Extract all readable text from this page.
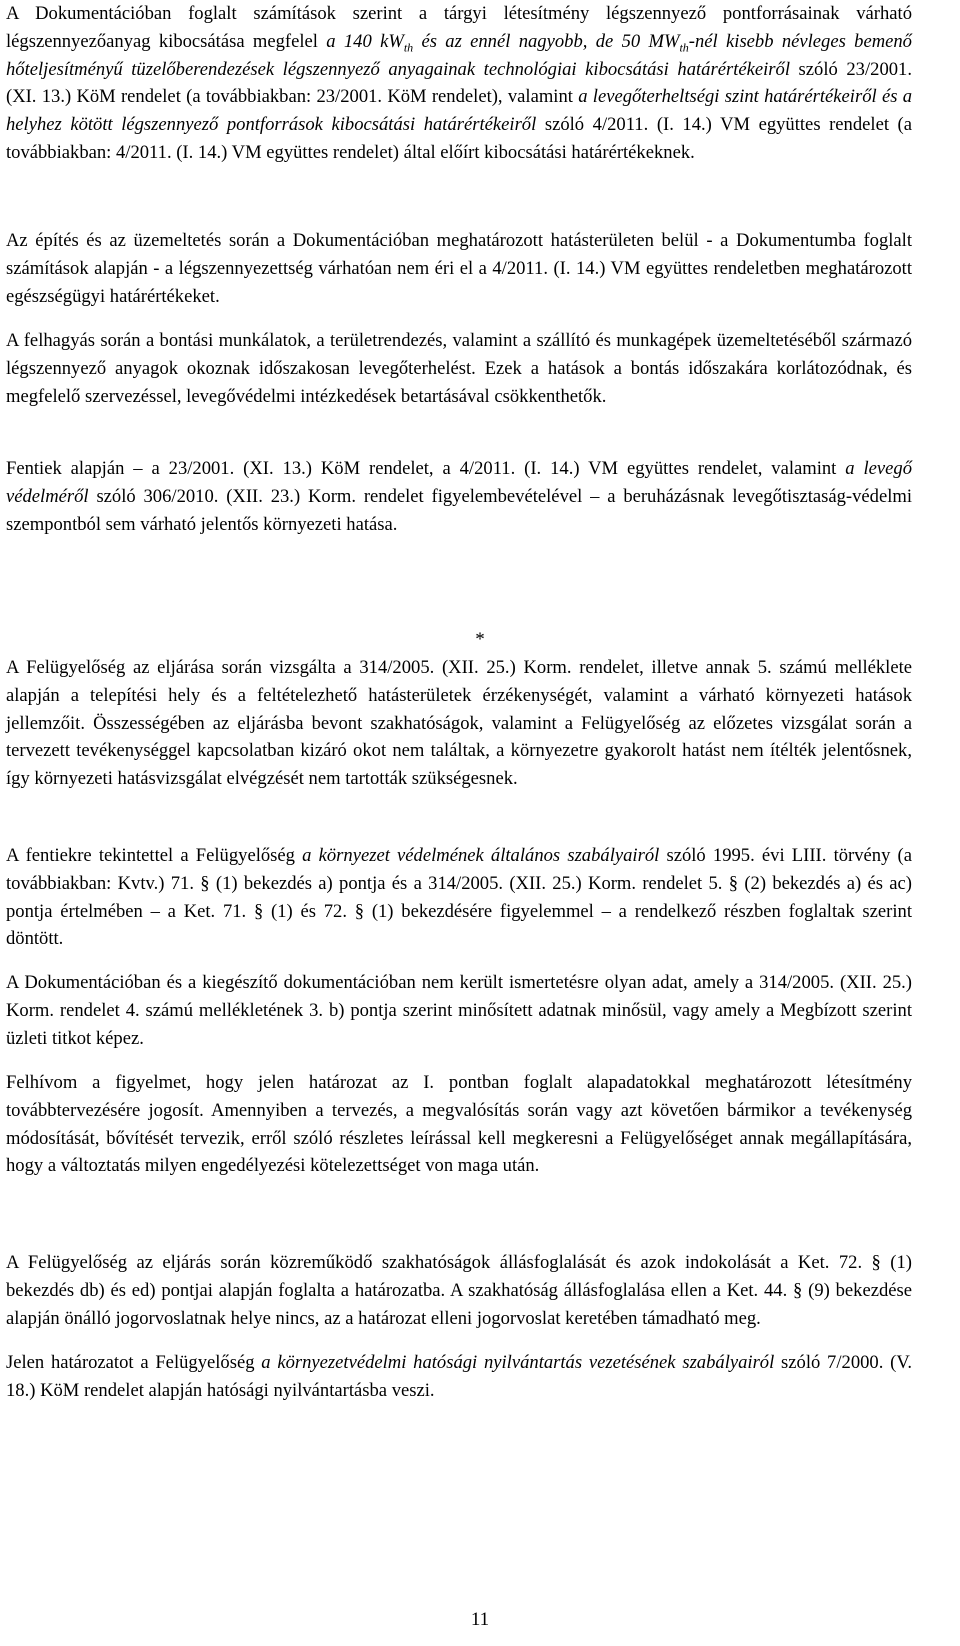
A Dokumentációban foglalt számítások szerint a tárgyi létesítmény légszennyező pontforrásainak várható légszennyezőanyag kibocsátása megfelel a 140 $kW_{th}$ és az ennél nagyobb, de 50 $MW_{th}$-nél kisebb névleges bemenő hőteljesítményű tüzelőberendezések légszennyező anyagainak technológiai kibocsátási határértékeiről szóló 23/2001. (XI. 13.) KöM rendelet (a továbbiakban: 23/2001. KöM rendelet), valamint a levegőterheltségi szint határértékeiről és a helyhez kötött légszennyező pontforrások kibocsátási határértékeiről szóló 4/2011. (I. 14.) VM együttes rendelet (a továbbiakban: 4/2011. (I. 14.) VM együttes rendelet) által előírt kibocsátási határértékeknek.

Az építés és az üzemeltetés során a Dokumentációban meghatározott hatásterületen belül - a Dokumentumba foglalt számítások alapján - a légszennyezettség várhatóan nem éri el a 4/2011. (I. 14.) VM együttes rendeletben meghatározott egészségügyi határértékeket.

A felhagyás során a bontási munkálatok, a területrendezés, valamint a szállító és munkagépek üzemeltetéséből származó légszennyező anyagok okoznak időszakosan levegőterhelést. Ezek a hatások a bontás időszakára korlátozódnak, és megfelelő szervezéssel, levegővédelmi intézkedések betartásával csökkenthetők.

Fentiek alapján – a 23/2001. (XI. 13.) KöM rendelet, a 4/2011. (I. 14.) VM együttes rendelet, valamint a levegő védelméről szóló 306/2010. (XII. 23.) Korm. rendelet figyelembevételével – a beruházásnak levegőtisztaság-védelmi szempontból sem várható jelentős környezeti hatása.

*

A Felügyelőség az eljárása során vizsgálta a 314/2005. (XII. 25.) Korm. rendelet, illetve annak 5. számú melléklete alapján a telepítési hely és a feltételezhető hatásterületek érzékenységét, valamint a várható környezeti hatások jellemzőit. Összességében az eljárásba bevont szakhatóságok, valamint a Felügyelőség az előzetes vizsgálat során a tervezett tevékenységgel kapcsolatban kizáró okot nem találtak, a környezetre gyakorolt hatást nem ítélték jelentősnek, így környezeti hatásvizsgálat elvégzését nem tartották szükségesnek.

A fentiekre tekintettel a Felügyelőség a környezet védelmének általános szabályairól szóló 1995. évi LIII. törvény (a továbbiakban: Kvtv.) 71. § (1) bekezdés a) pontja és a 314/2005. (XII. 25.) Korm. rendelet 5. § (2) bekezdés a) és ac) pontja értelmében – a Ket. 71. § (1) és 72. § (1) bekezdésére figyelemmel – a rendelkező részben foglaltak szerint döntött.

A Dokumentációban és a kiegészítő dokumentációban nem került ismertetésre olyan adat, amely a 314/2005. (XII. 25.) Korm. rendelet 4. számú mellékletének 3. b) pontja szerint minősített adatnak minősül, vagy amely a Megbízott szerint üzleti titkot képez.

Felhívom a figyelmet, hogy jelen határozat az I. pontban foglalt alapadatokkal meghatározott létesítmény továbbtervezésére jogosít. Amennyiben a tervezés, a megvalósítás során vagy azt követően bármikor a tevékenység módosítását, bővítését tervezik, erről szóló részletes leírással kell megkeresni a Felügyelőséget annak megállapítására, hogy a változtatás milyen engedélyezési kötelezettséget von maga után.

A Felügyelőség az eljárás során közreműködő szakhatóságok állásfoglalását és azok indokolását a Ket. 72. § (1) bekezdés db) és ed) pontjai alapján foglalta a határozatba. A szakhatóság állásfoglalása ellen a Ket. 44. § (9) bekezdése alapján önálló jogorvoslatnak helye nincs, az a határozat elleni jogorvoslat keretében támadható meg.

Jelen határozatot a Felügyelőség a környezetvédelmi hatósági nyilvántartás vezetésének szabályairól szóló 7/2000. (V. 18.) KöM rendelet alapján hatósági nyilvántartásba veszi.

11
